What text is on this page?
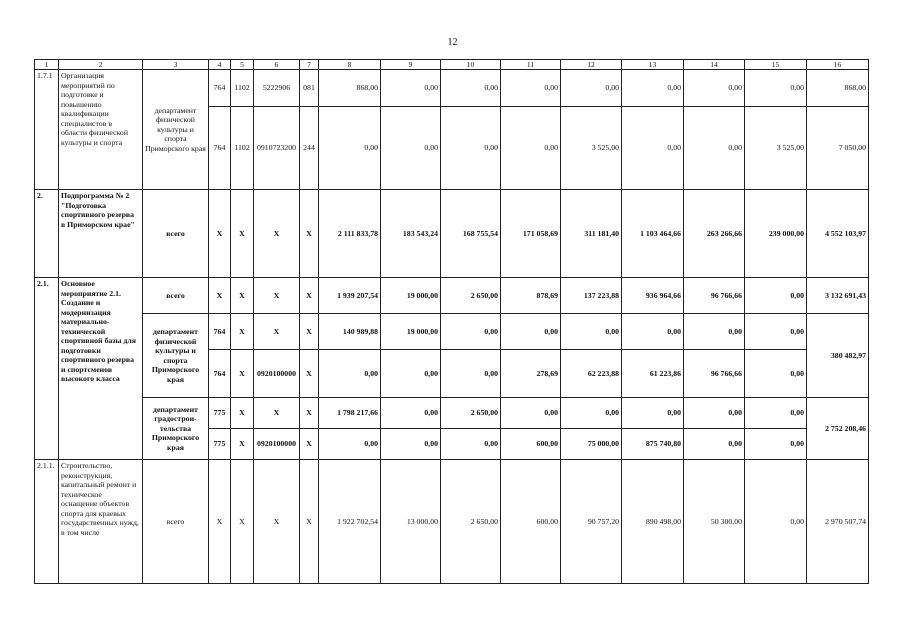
12
1	2	3	4	5	6	7	8	9	10	11	12	13	14	15	16
1.7.1	Организация мероприятий по подготовке и повышению квалификации специалистов в области физической культуры и спорта	департамент физической культуры и спорта Приморского края	764	1102	5222906	081	868,00	0,00	0,00	0,00	0,00	0,00	0,00	0,00	868,00
			764	1102	0910723200	244	0,00	0,00	0,00	0,00	3 525,00	0,00	0,00	3 525,00	7 050,00
2.	Подпрограмма № 2 "Подготовка спортивного резерва в Приморском крае"	всего	Х	Х	Х	Х	2 111 833,78	183 543,24	168 755,54	171 058,69	311 181,40	1 103 464,66	263 266,66	239 000,00	4 552 103,97
2.1.	Основное мероприятие 2.1. Создание и модернизация материально-технической спортивной базы для подготовки спортивного резерва и спортсменов высокого класса	всего	Х	Х	Х	Х	1 939 207,54	19 000,00	2 650,00	878,69	137 223,88	936 964,66	96 766,66	0,00	3 132 691,43
		департамент физической культуры и спорта Приморского края	764	Х	Х	Х	140 989,88	19 000,00	0,00	0,00	0,00	0,00	0,00	0,00	380 482,97
			764	Х	0920100000	Х	0,00	0,00	0,00	278,69	62 223,88	61 223,86	96 766,66	0,00	
		департамент градострои-тельства Приморского края	775	Х	Х	Х	1 798 217,66	0,00	2 650,00	0,00	0,00	0,00	0,00	0,00	2 752 208,46
			775	Х	0920100000	Х	0,00	0,00	0,00	600,00	75 000,00	875 740,80	0,00	0,00	
2.1.1.	Строительство, реконструкция, капитальный ремонт и техническое оснащение объектов спорта для краевых государственных нужд, в том числе	всего	Х	Х	Х	Х	1 922 702,54	13 000,00	2 650,00	600,00	90 757,20	890 498,00	50 300,00	0,00	2 970 507,74
